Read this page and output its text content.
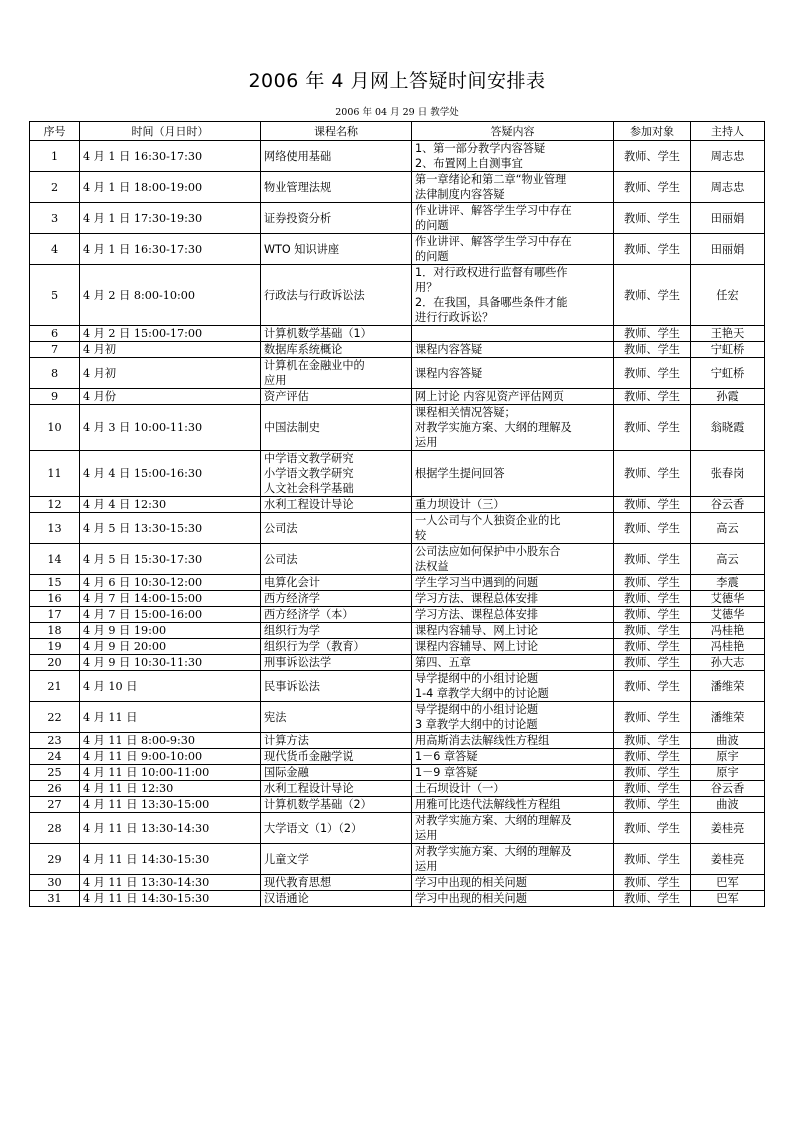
2006 年 4 月网上答疑时间安排表
2006 年 04 月 29 日 教学处
序号	时间（月日时）	课程名称	答疑内容	参加对象	主持人
1	4 月 1 日 16:30-17:30	网络使用基础	1、第一部分教学内容答疑
2、布置网上自测事宜	教师、学生	周志忠
2	4 月 1 日 18:00-19:00	物业管理法规	第一章绪论和第二章“物业管理
法律制度内容答疑	教师、学生	周志忠
3	4 月 1 日 17:30-19:30	证券投资分析	作业讲评、解答学生学习中存在
的问题	教师、学生	田丽娟
4	4 月 1 日 16:30-17:30	WTO 知识讲座	作业讲评、解答学生学习中存在
的问题	教师、学生	田丽娟
5	4 月 2 日 8:00-10:00	行政法与行政诉讼法	1．对行政权进行监督有哪些作
用？
2．在我国，具备哪些条件才能
进行行政诉讼？	教师、学生	任宏
6	4 月 2 日 15:00-17:00	计算机数学基础（1）		教师、学生	王艳天
7	4 月初	数据库系统概论	课程内容答疑	教师、学生	宁虹桥
8	4 月初	计算机在金融业中的
应用	课程内容答疑	教师、学生	宁虹桥
9	4 月份	资产评估	网上讨论 内容见资产评估网页	教师、学生	孙霞
10	4 月 3 日 10:00-11:30	中国法制史	课程相关情况答疑；
对教学实施方案、大纲的理解及
运用	教师、学生	翁晓霞
11	4 月 4 日 15:00-16:30	中学语文教学研究
小学语文教学研究
人文社会科学基础	根据学生提问回答	教师、学生	张春岗
12	4 月 4 日 12:30	水利工程设计导论	重力坝设计（三）	教师、学生	谷云香
13	4 月 5 日 13:30-15:30	公司法	一人公司与个人独资企业的比
较	教师、学生	高云
14	4 月 5 日 15:30-17:30	公司法	公司法应如何保护中小股东合
法权益	教师、学生	高云
15	4 月 6 日 10:30-12:00	电算化会计	学生学习当中遇到的问题	教师、学生	李震
16	4 月 7 日 14:00-15:00	西方经济学	学习方法、课程总体安排	教师、学生	艾德华
17	4 月 7 日 15:00-16:00	西方经济学（本）	学习方法、课程总体安排	教师、学生	艾德华
18	4 月 9 日 19:00	组织行为学	课程内容辅导、网上讨论	教师、学生	冯桂艳
19	4 月 9 日 20:00	组织行为学（教育）	课程内容辅导、网上讨论	教师、学生	冯桂艳
20	4 月 9 日 10:30-11:30	刑事诉讼法学	第四、五章	教师、学生	孙大志
21	4 月 10 日	民事诉讼法	导学提纲中的小组讨论题
1-4 章教学大纲中的讨论题	教师、学生	潘维荣
22	4 月 11 日	宪法	导学提纲中的小组讨论题
3 章教学大纲中的讨论题	教师、学生	潘维荣
23	4 月 11 日 8:00-9:30	计算方法	用高斯消去法解线性方程组	教师、学生	曲波
24	4 月 11 日 9:00-10:00	现代货币金融学说	1－6 章答疑	教师、学生	原宇
25	4 月 11 日 10:00-11:00	国际金融	1－9 章答疑	教师、学生	原宇
26	4 月 11 日 12:30	水利工程设计导论	土石坝设计（一）	教师、学生	谷云香
27	4 月 11 日 13:30-15:00	计算机数学基础（2）	用雅可比迭代法解线性方程组	教师、学生	曲波
28	4 月 11 日 13:30-14:30	大学语文（1）（2）	对教学实施方案、大纲的理解及
运用	教师、学生	姜桂亮
29	4 月 11 日 14:30-15:30	儿童文学	对教学实施方案、大纲的理解及
运用	教师、学生	姜桂亮
30	4 月 11 日 13:30-14:30	现代教育思想	学习中出现的相关问题	教师、学生	巴军
31	4 月 11 日 14:30-15:30	汉语通论	学习中出现的相关问题	教师、学生	巴军
